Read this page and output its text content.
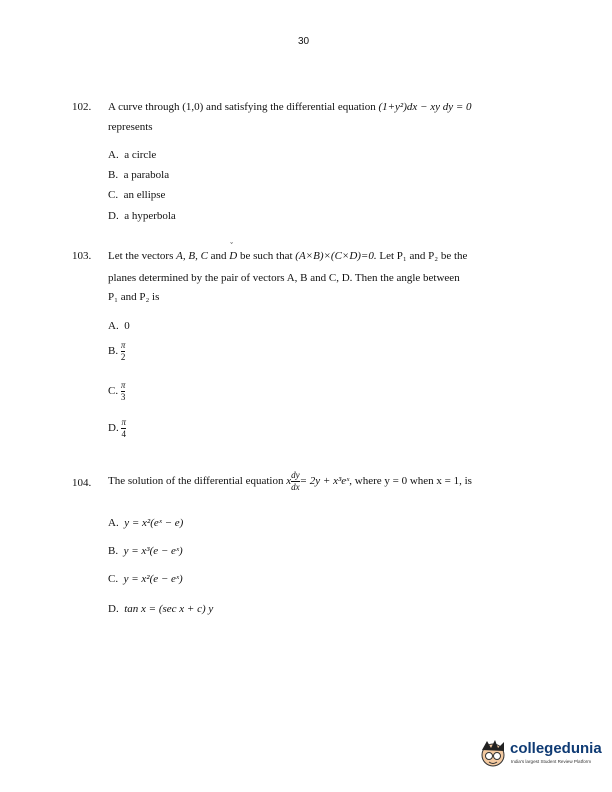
30
102. A curve through (1,0) and satisfying the differential equation (1+y²)dx − xy dy = 0
represents
A. a circle
B. a parabola
C. an ellipse
D. a hyperbola
103. Let the vectors A, B, C and ˇ D be such that (A×B)×(C×D)=0. Let P₁ and P₂ be the
planes determined by the pair of vectors A, B and C, D. Then the angle between
P₁ and P₂ is
A. 0
B. $\frac{\pi}{2}$
C. $\frac{\pi}{3}$
D. $\frac{\pi}{4}$
104. The solution of the differential equation x $\frac{dy}{dx} = 2y$ + x³eˣ, where y = 0 when x = 1, is
A. y = x²(eˣ − e)
B. y = x³(e − eˣ)
C. y = x²(e − eˣ)
D. tan x = (sec x + c) y
collegedunia
India's largest Student Review Platform
